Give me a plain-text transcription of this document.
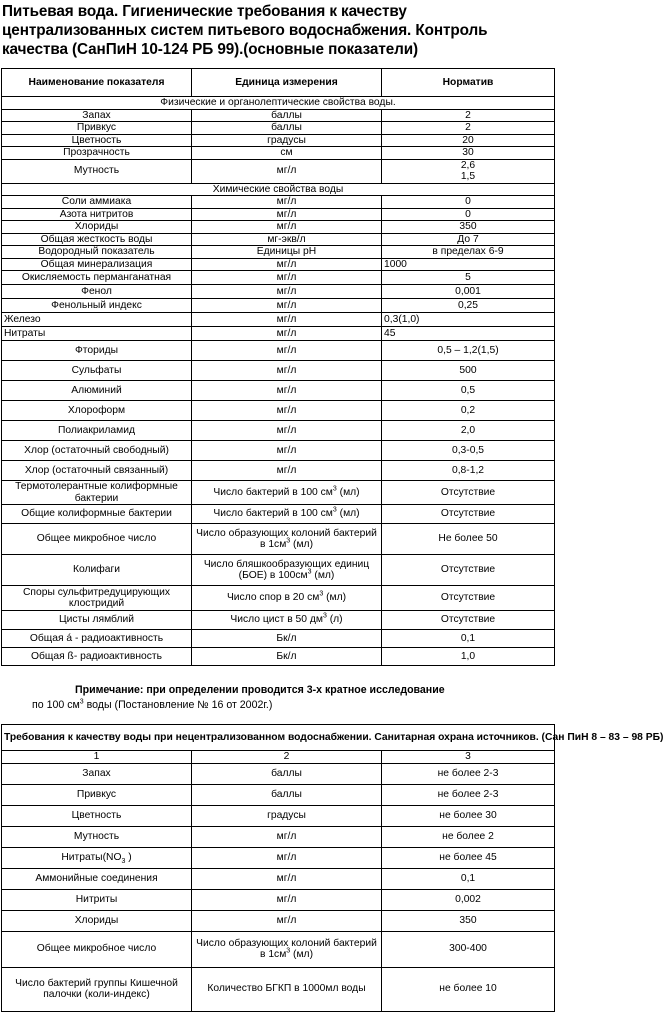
Питьевая вода. Гигиенические требования к качеству централизованных систем питьевого водоснабжения. Контроль качества (СанПиН 10-124 РБ 99).(основные показатели)
Наименование показателя	Единица измерения	Норматив
Физические и органолептические свойства воды.		
Запах	баллы	2

Привкус	баллы	2

Цветность	градусы	20

Прозрачность	см	30

Мутность	мг/л	2,6
1,5

Химические свойства воды		
Соли аммиака	мг/л	0
Азота нитритов	мг/л	0
Хлориды	мг/л	350
Общая жесткость воды	мг-экв/л	До 7
Водородный показатель	Единицы pH	в пределах 6-9
Общая минерализация	мг/л	1000
Окисляемость перманганатная	мг/л	5
Фенол	мг/л	0,001
Фенольный индекс	мг/л	0,25
Железо	мг/л	0,3(1,0)
Нитраты	мг/л	45
Фториды	мг/л	0,5 – 1,2(1,5)
Сульфаты	мг/л	500
Алюминий	мг/л	0,5
Хлороформ	мг/л	0,2
Полиакриламид	мг/л	2,0
Хлор (остаточный свободный)	мг/л	0,3-0,5
Хлор (остаточный связанный)	мг/л	0,8-1,2
Термотолерантные колиформные бактерии	Число бактерий в 100 $см^3$ (мл)	Отсутствие
Общие колиформные бактерии	Число бактерий в 100 $см^3$ (мл)	Отсутствие
Общее микробное число	Число образующих колоний бактерий в $1см^3$ (мл)	Не более 50
Колифаги	Число бляшкообразующих единиц (БОЕ) в $100см^3$ (мл)	Отсутствие
Споры сульфитредуцирующих клостридий	Число спор в 20 $см^3$ (мл)	Отсутствие
Цисты лямблий	Число цист в 50 $дм^3$ (л)	Отсутствие
Общая á - радиоактивность	Бк/л	0,1
Общая ß- радиоактивность	Бк/л	1,0
Примечание: при определении проводится 3-х кратное исследование
по 100 $см^3$ воды (Постановление № 16 от 2002г.)
Требования к качеству воды при нецентрализованном водоснабжении. Санитарная охрана источников. (Сан ПиН 8 – 83 – 98 РБ)		
1	2	3
Запах	баллы	не более 2-3
Привкус	баллы	не более 2-3
Цветность	градусы	не более 30
Мутность	мг/л	не более 2
$Нитраты(NO_3$ )	мг/л	не более 45
Аммонийные соединения	мг/л	0,1
Нитриты	мг/л	0,002
Хлориды	мг/л	350
Общее микробное число	Число образующих колоний бактерий в $1см^3$ (мл)	300-400
Число бактерий группы Кишечной палочки (коли-индекс)	Количество БГКП в 1000мл воды	не более 10
